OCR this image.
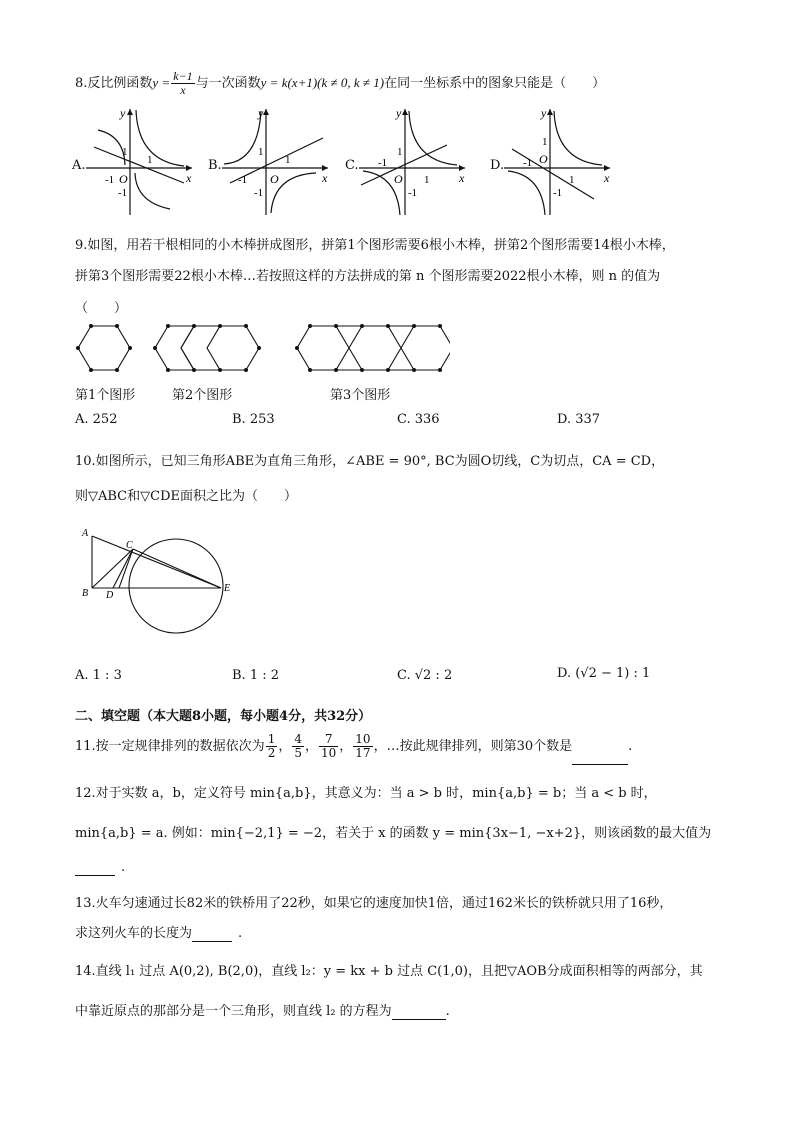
8.反比例函数$y = \frac{k-1}{x}$ 与一次函数y = k(x+1)(k ≠ 0, k ≠ 1)在同一坐标系中的图象只能是（　　）
A.
y
x
O
-1
1
1
-1
B.
y
x
O
-1
1
1
-1
C.
y
x
O
-1
1
1
-1
D.
y
x
O
-1
1
1
-1
9.如图，用若干根相同的小木棒拼成图形，拼第1个图形需要6根小木棒，拼第2个图形需要14根小木棒，
拼第3个图形需要22根小木棒…若按照这样的方法拼成的第 n 个图形需要2022根小木棒，则 n 的值为
（　　）
第1个图形	第2个图形	第3个图形
A. 252	B. 253	C. 336	D. 337
10.如图所示，已知三角形ABE为直角三角形，∠ABE = 90°, BC为圆O切线，C为切点，CA = CD，
则▽ABC和▽CDE面积之比为（　　）
A
B
C
D
E
A. 1 : 3	B. 1 : 2	C. √2 : 2	D. (√2 − 1) : 1
二、填空题（本大题8小题，每小题4分，共32分）
11.按一定规律排列的数据依次为 $\frac{1}{2}$ ， $\frac{4}{5}$ ， $\frac{7}{10}$ ， $\frac{10}{17}$ ，…按此规律排列，则第30个数是	.
12.对于实数 a，b，定义符号 min{a,b}，其意义为：当 a > b 时，min{a,b} = b；当 a < b 时，
min{a,b} = a. 例如：min{−2,1} = −2，若关于 x 的函数 y = min{3x−1, −x+2}，则该函数的最大值为
.
13.火车匀速通过长82米的铁桥用了22秒，如果它的速度加快1倍，通过162米长的铁桥就只用了16秒，
求这列火车的长度为	.
14.直线 l₁ 过点 A(0,2), B(2,0)，直线 l₂：y = kx + b 过点 C(1,0)，且把▽AOB分成面积相等的两部分，其
中靠近原点的那部分是一个三角形，则直线 l₂ 的方程为	.
